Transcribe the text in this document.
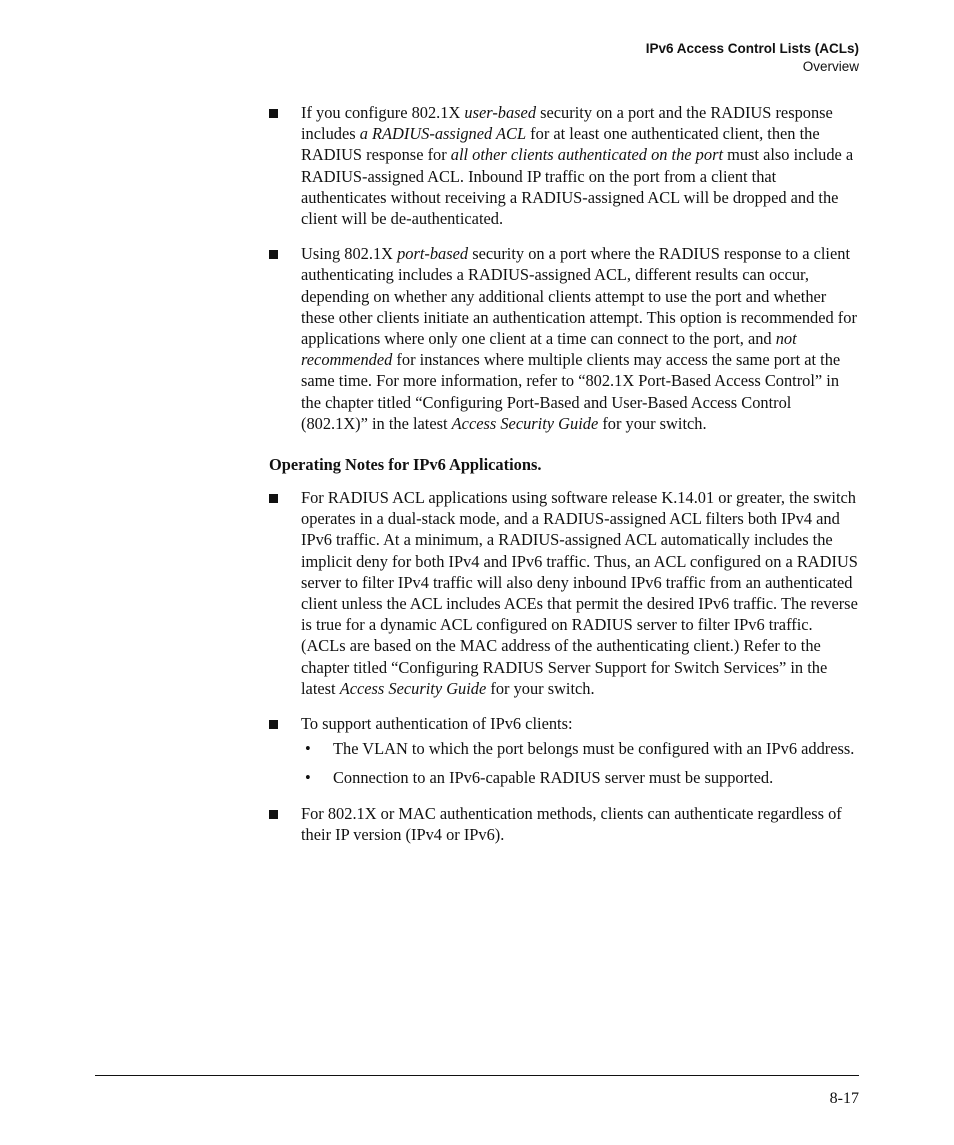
IPv6 Access Control Lists (ACLs)
Overview
If you configure 802.1X user-based security on a port and the RADIUS response includes a RADIUS-assigned ACL for at least one authenticated client, then the RADIUS response for all other clients authenticated on the port must also include a RADIUS-assigned ACL. Inbound IP traffic on the port from a client that authenticates without receiving a RADIUS-assigned ACL will be dropped and the client will be de-authenticated.
Using 802.1X port-based security on a port where the RADIUS response to a client authenticating includes a RADIUS-assigned ACL, different results can occur, depending on whether any additional clients attempt to use the port and whether these other clients initiate an authentication attempt. This option is recommended for applications where only one client at a time can connect to the port, and not recommended for instances where multiple clients may access the same port at the same time. For more information, refer to “802.1X Port-Based Access Control” in the chapter titled “Configuring Port-Based and User-Based Access Control (802.1X)” in the latest Access Security Guide for your switch.
Operating Notes for IPv6 Applications.
For RADIUS ACL applications using software release K.14.01 or greater, the switch operates in a dual-stack mode, and a RADIUS-assigned ACL filters both IPv4 and IPv6 traffic. At a minimum, a RADIUS-assigned ACL automatically includes the implicit deny for both IPv4 and IPv6 traffic. Thus, an ACL configured on a RADIUS server to filter IPv4 traffic will also deny inbound IPv6 traffic from an authenticated client unless the ACL includes ACEs that permit the desired IPv6 traffic. The reverse is true for a dynamic ACL configured on RADIUS server to filter IPv6 traffic. (ACLs are based on the MAC address of the authenticating client.) Refer to the chapter titled “Configuring RADIUS Server Support for Switch Services” in the latest Access Security Guide for your switch.
To support authentication of IPv6 clients:
• The VLAN to which the port belongs must be configured with an IPv6 address.
• Connection to an IPv6-capable RADIUS server must be supported.
For 802.1X or MAC authentication methods, clients can authenticate regardless of their IP version (IPv4 or IPv6).
8-17
